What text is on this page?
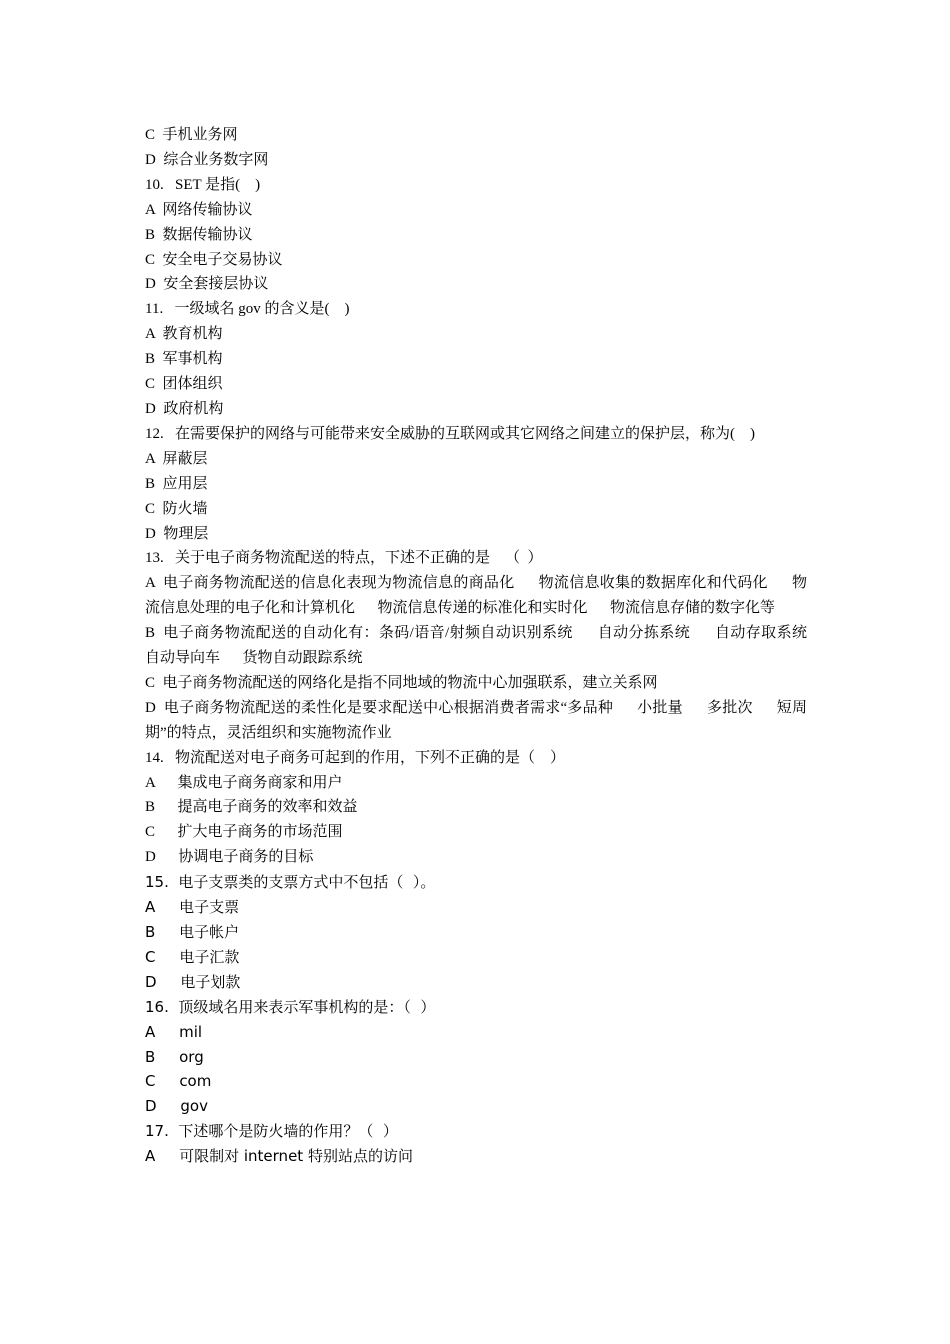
C  手机业务网

D  综合业务数字网

10.   SET 是指(    )

A  网络传输协议

B  数据传输协议

C  安全电子交易协议

D  安全套接层协议

11.   一级域名 gov 的含义是(    )

A  教育机构

B  军事机构

C  团体组织

D  政府机构

12.   在需要保护的网络与可能带来安全威胁的互联网或其它网络之间建立的保护层，称为(    )

A  屏蔽层

B  应用层

C  防火墙

D  物理层

13.   关于电子商务物流配送的特点，下述不正确的是    （  ）

A  电子商务物流配送的信息化表现为物流信息的商品化      物流信息收集的数据库化和代码化      物流信息处理的电子化和计算机化      物流信息传递的标准化和实时化      物流信息存储的数字化等

B  电子商务物流配送的自动化有：条码/语音/射频自动识别系统      自动分拣系统      自动存取系统      自动导向车      货物自动跟踪系统

C  电子商务物流配送的网络化是指不同地域的物流中心加强联系，建立关系网

D  电子商务物流配送的柔性化是要求配送中心根据消费者需求“多品种      小批量      多批次      短周期”的特点，灵活组织和实施物流作业

14.   物流配送对电子商务可起到的作用，下列不正确的是（    ）

A      集成电子商务商家和用户

B      提高电子商务的效率和效益

C      扩大电子商务的市场范围

D      协调电子商务的目标

15.  电子支票类的支票方式中不包括（  ）。

A     电子支票

B     电子帐户

C     电子汇款

D     电子划款

16.  顶级域名用来表示军事机构的是：（  ）

A     mil

B     org

C     com

D     gov

17.  下述哪个是防火墙的作用？（  ）

A     可限制对 internet 特别站点的访问
